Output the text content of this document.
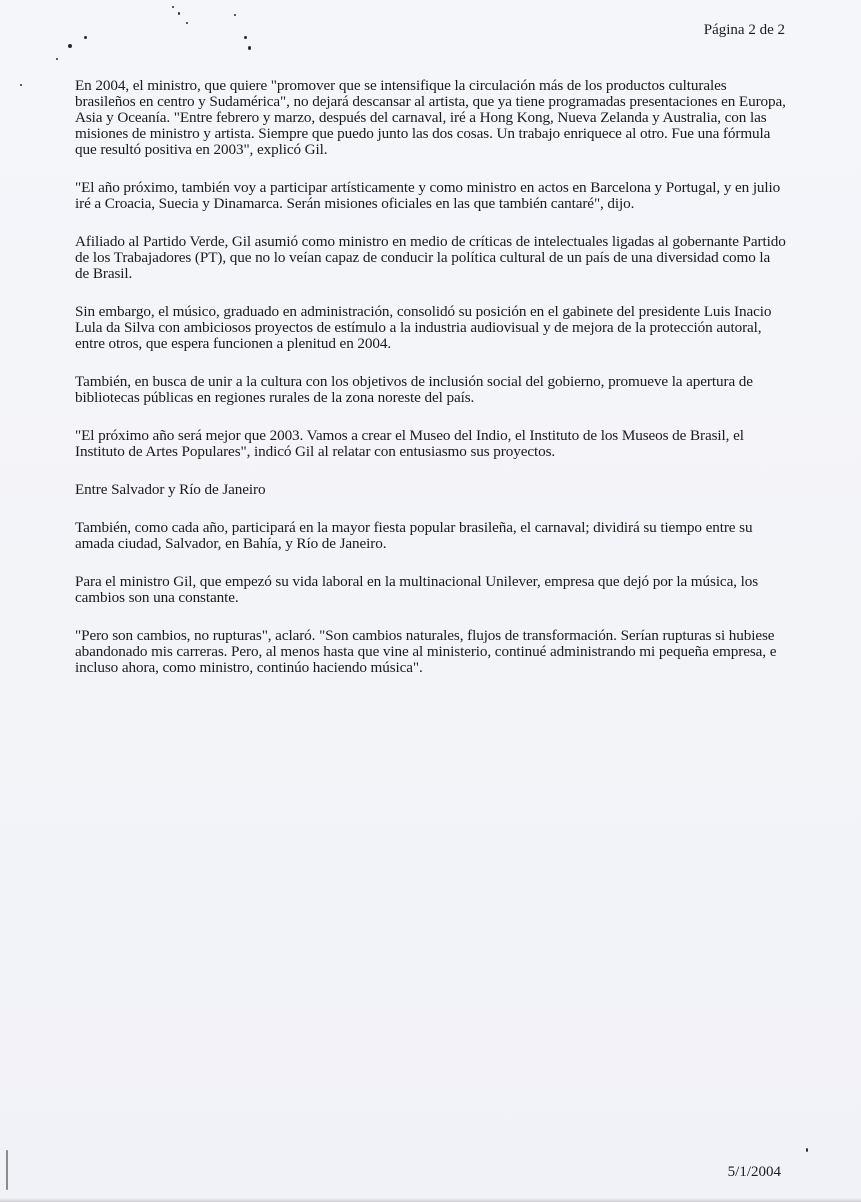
Página 2 de 2

En 2004, el ministro, que quiere "promover que se intensifique la circulación más de los productos culturales brasileños en centro y Sudamérica", no dejará descansar al artista, que ya tiene programadas presentaciones en Europa, Asia y Oceanía. "Entre febrero y marzo, después del carnaval, iré a Hong Kong, Nueva Zelanda y Australia, con las misiones de ministro y artista. Siempre que puedo junto las dos cosas. Un trabajo enriquece al otro. Fue una fórmula que resultó positiva en 2003", explicó Gil.

"El año próximo, también voy a participar artísticamente y como ministro en actos en Barcelona y Portugal, y en julio iré a Croacia, Suecia y Dinamarca. Serán misiones oficiales en las que también cantaré", dijo.

Afiliado al Partido Verde, Gil asumió como ministro en medio de críticas de intelectuales ligadas al gobernante Partido de los Trabajadores (PT), que no lo veían capaz de conducir la política cultural de un país de una diversidad como la de Brasil.

Sin embargo, el músico, graduado en administración, consolidó su posición en el gabinete del presidente Luis Inacio Lula da Silva con ambiciosos proyectos de estímulo a la industria audiovisual y de mejora de la protección autoral, entre otros, que espera funcionen a plenitud en 2004.

También, en busca de unir a la cultura con los objetivos de inclusión social del gobierno, promueve la apertura de bibliotecas públicas en regiones rurales de la zona noreste del país.

"El próximo año será mejor que 2003. Vamos a crear el Museo del Indio, el Instituto de los Museos de Brasil, el Instituto de Artes Populares", indicó Gil al relatar con entusiasmo sus proyectos.

Entre Salvador y Río de Janeiro

También, como cada año, participará en la mayor fiesta popular brasileña, el carnaval; dividirá su tiempo entre su amada ciudad, Salvador, en Bahía, y Río de Janeiro.

Para el ministro Gil, que empezó su vida laboral en la multinacional Unilever, empresa que dejó por la música, los cambios son una constante.

"Pero son cambios, no rupturas", aclaró. "Son cambios naturales, flujos de transformación. Serían rupturas si hubiese abandonado mis carreras. Pero, al menos hasta que vine al ministerio, continué administrando mi pequeña empresa, e incluso ahora, como ministro, continúo haciendo música".

5/1/2004
